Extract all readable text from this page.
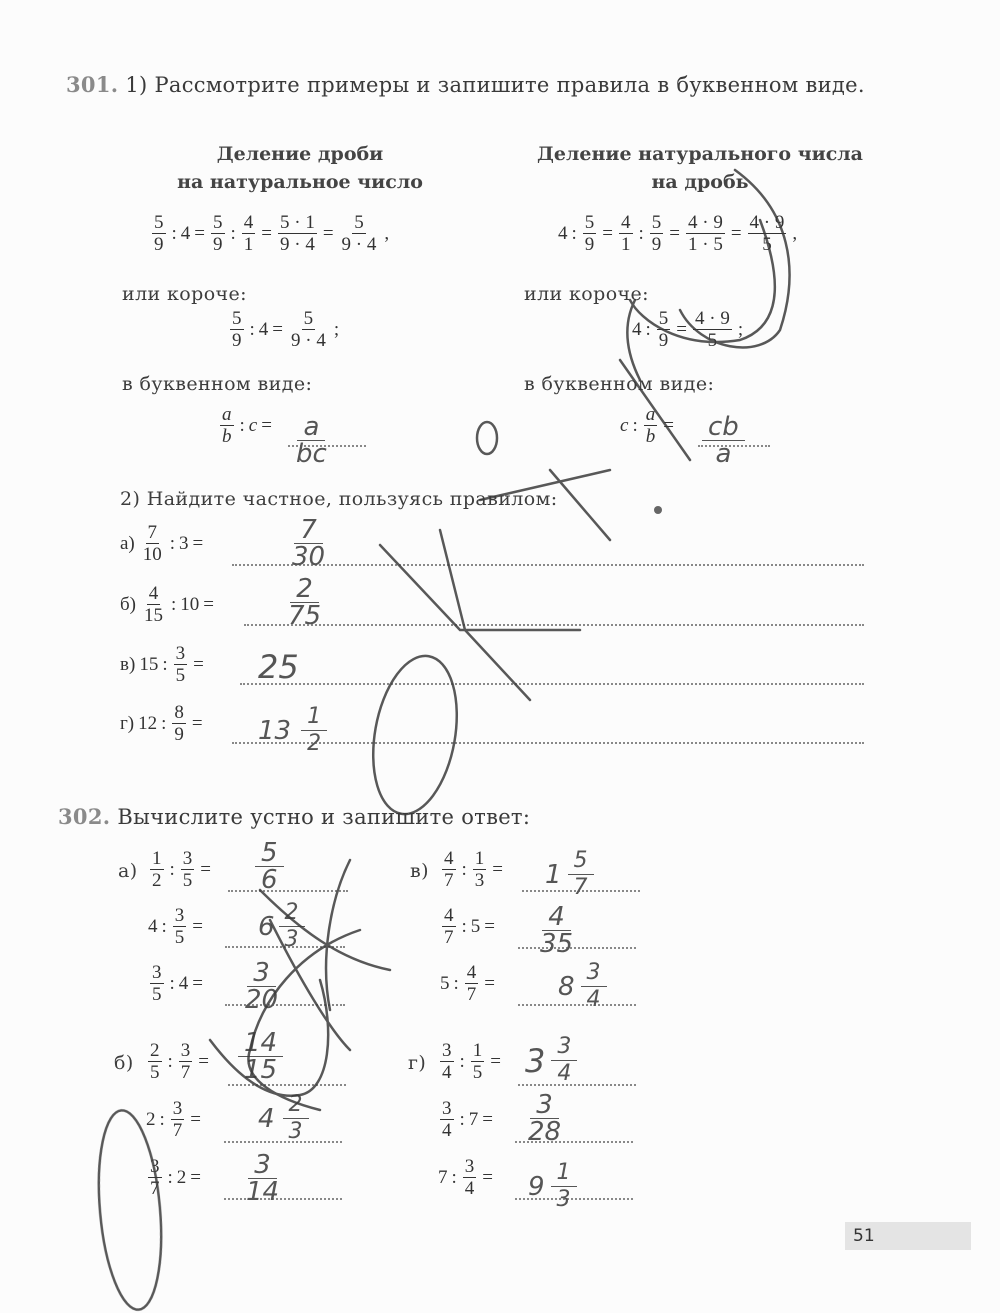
301. 1) Рассмотрите примеры и запишите правила в буквенном виде.
Деление дроби
на натуральное число
$\frac{5}{9}$ : $4 = \frac{5}{9}$ : $\frac{4}{1} = \frac{5 \cdot 1}{9 \cdot 4} = \frac{5}{9 \cdot 4}$ ,
или короче:
$\frac{5}{9}$ : $4 = \frac{5}{9 \cdot 4}$ ;
в буквенном виде:
$\frac{a}{b}$ : $c = \frac{a}{bc}$
Деление натурального числа
на дробь
4 : $\frac{5}{9} = \frac{4}{1}$ : $\frac{5}{9} = \frac{4 \cdot 9}{1 \cdot 5} = \frac{4 \cdot 9}{5}$ ,
или короче:
4 : $\frac{5}{9} = \frac{4 \cdot 9}{5}$ ;
в буквенном виде:
c : $\frac{a}{b} = \frac{cb}{a}$
2) Найдите частное, пользуясь правилом:
$а) \frac{7}{10}$ : 3 =	$\frac{7}{30}$
$б) \frac{4}{15}$ : 10 =	$\frac{2}{75}$
в) 15 : $\frac{3}{5} = 25$
г) 12 : $\frac{8}{9} = 13$ 1
2
302. Вычислите устно и запишите ответ:
$а) \frac{1}{2}$ : $\frac{3}{5} = \frac{5}{6}$
4 : $\frac{3}{5} = 6$ 2
3
$\frac{3}{5}$ : $4 = \frac{3}{20}$
$б) \frac{2}{5}$ : $\frac{3}{7} = \frac{14}{15}$
2 : $\frac{3}{7} = 4$ 2
3
$\frac{3}{7}$ : $2 = \frac{3}{14}$
$в) \frac{4}{7}$ : $\frac{1}{3} = 1$ 5
7
$\frac{4}{7}$ : $5 = \frac{4}{35}$
5 : $\frac{4}{7} = 8$ 3
4
$г) \frac{3}{4}$ : $\frac{1}{5} = 3$ 3
4
$\frac{3}{4}$ : $7 = \frac{3}{28}$
7 : $\frac{3}{4} = 9$ 1
3
51
